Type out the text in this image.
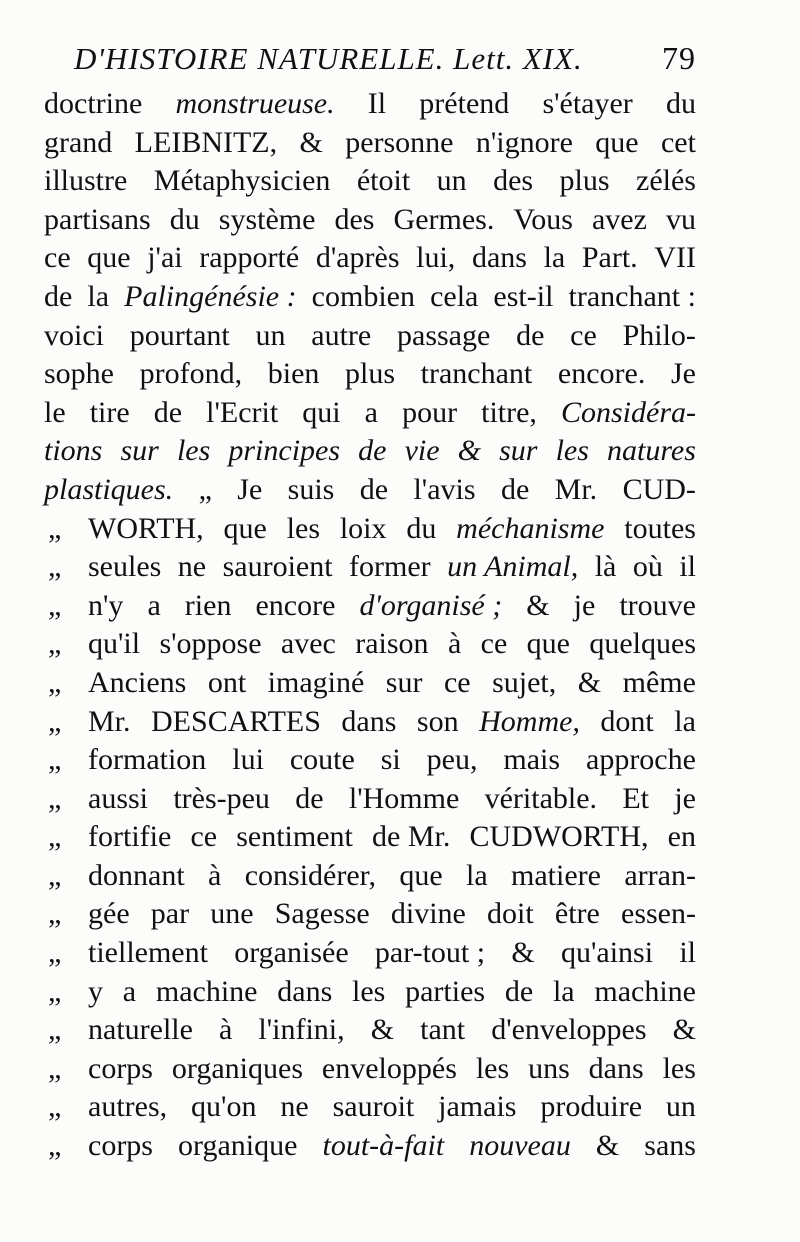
D'HISTOIRE NATURELLE. Lett. XIX. 79
doctrine monstrueuse. Il prétend s'étayer du
grand LEIBNITZ, & personne n'ignore que cet
illustre Métaphysicien étoit un des plus zélés
partisans du système des Germes. Vous avez vu
ce que j'ai rapporté d'après lui, dans la Part. VII
de la Palingénésie : combien cela est-il tranchant :
voici pourtant un autre passage de ce Philo-
sophe profond, bien plus tranchant encore. Je
le tire de l'Ecrit qui a pour titre, Considéra-
tions sur les principes de vie & sur les natures
plastiques. „ Je suis de l'avis de Mr. CUD-
„ WORTH, que les loix du méchanisme toutes
„ seules ne sauroient former un Animal, là où il
„ n'y a rien encore d'organisé ; & je trouve
„ qu'il s'oppose avec raison à ce que quelques
„ Anciens ont imaginé sur ce sujet, & même
„ Mr. DESCARTES dans son Homme, dont la
„ formation lui coute si peu, mais approche
„ aussi très-peu de l'Homme véritable. Et je
„ fortifie ce sentiment de Mr. CUDWORTH, en
„ donnant à considérer, que la matiere arran-
„ gée par une Sagesse divine doit être essen-
„ tiellement organisée par-tout ; & qu'ainsi il
„ y a machine dans les parties de la machine
„ naturelle à l'infini, & tant d'enveloppes &
„ corps organiques enveloppés les uns dans les
„ autres, qu'on ne sauroit jamais produire un
„ corps organique tout-à-fait nouveau & sans
